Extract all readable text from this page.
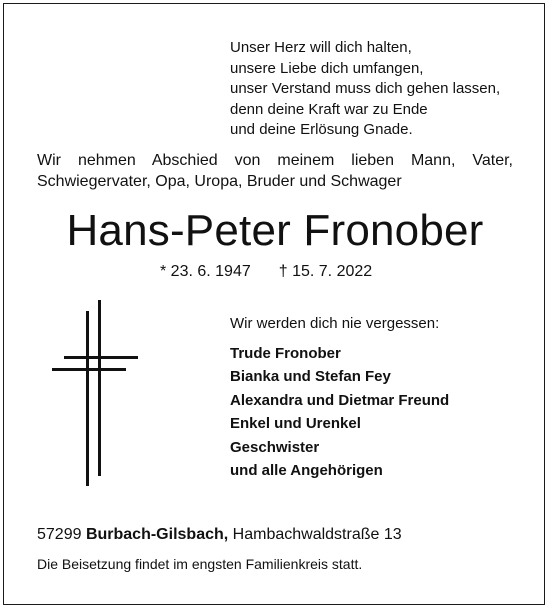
Unser Herz will dich halten,
unsere Liebe dich umfangen,
unser Verstand muss dich gehen lassen,
denn deine Kraft war zu Ende
und deine Erlösung Gnade.
Wir nehmen Abschied von meinem lieben Mann, Vater,
Schwiegervater, Opa, Uropa, Bruder und Schwager
Hans-Peter Fronober
* 23. 6. 1947 † 15. 7. 2022
Wir werden dich nie vergessen:
Trude Fronober
Bianka und Stefan Fey
Alexandra und Dietmar Freund
Enkel und Urenkel
Geschwister
und alle Angehörigen
57299 Burbach-Gilsbach, Hambachwaldstraße 13
Die Beisetzung findet im engsten Familienkreis statt.
